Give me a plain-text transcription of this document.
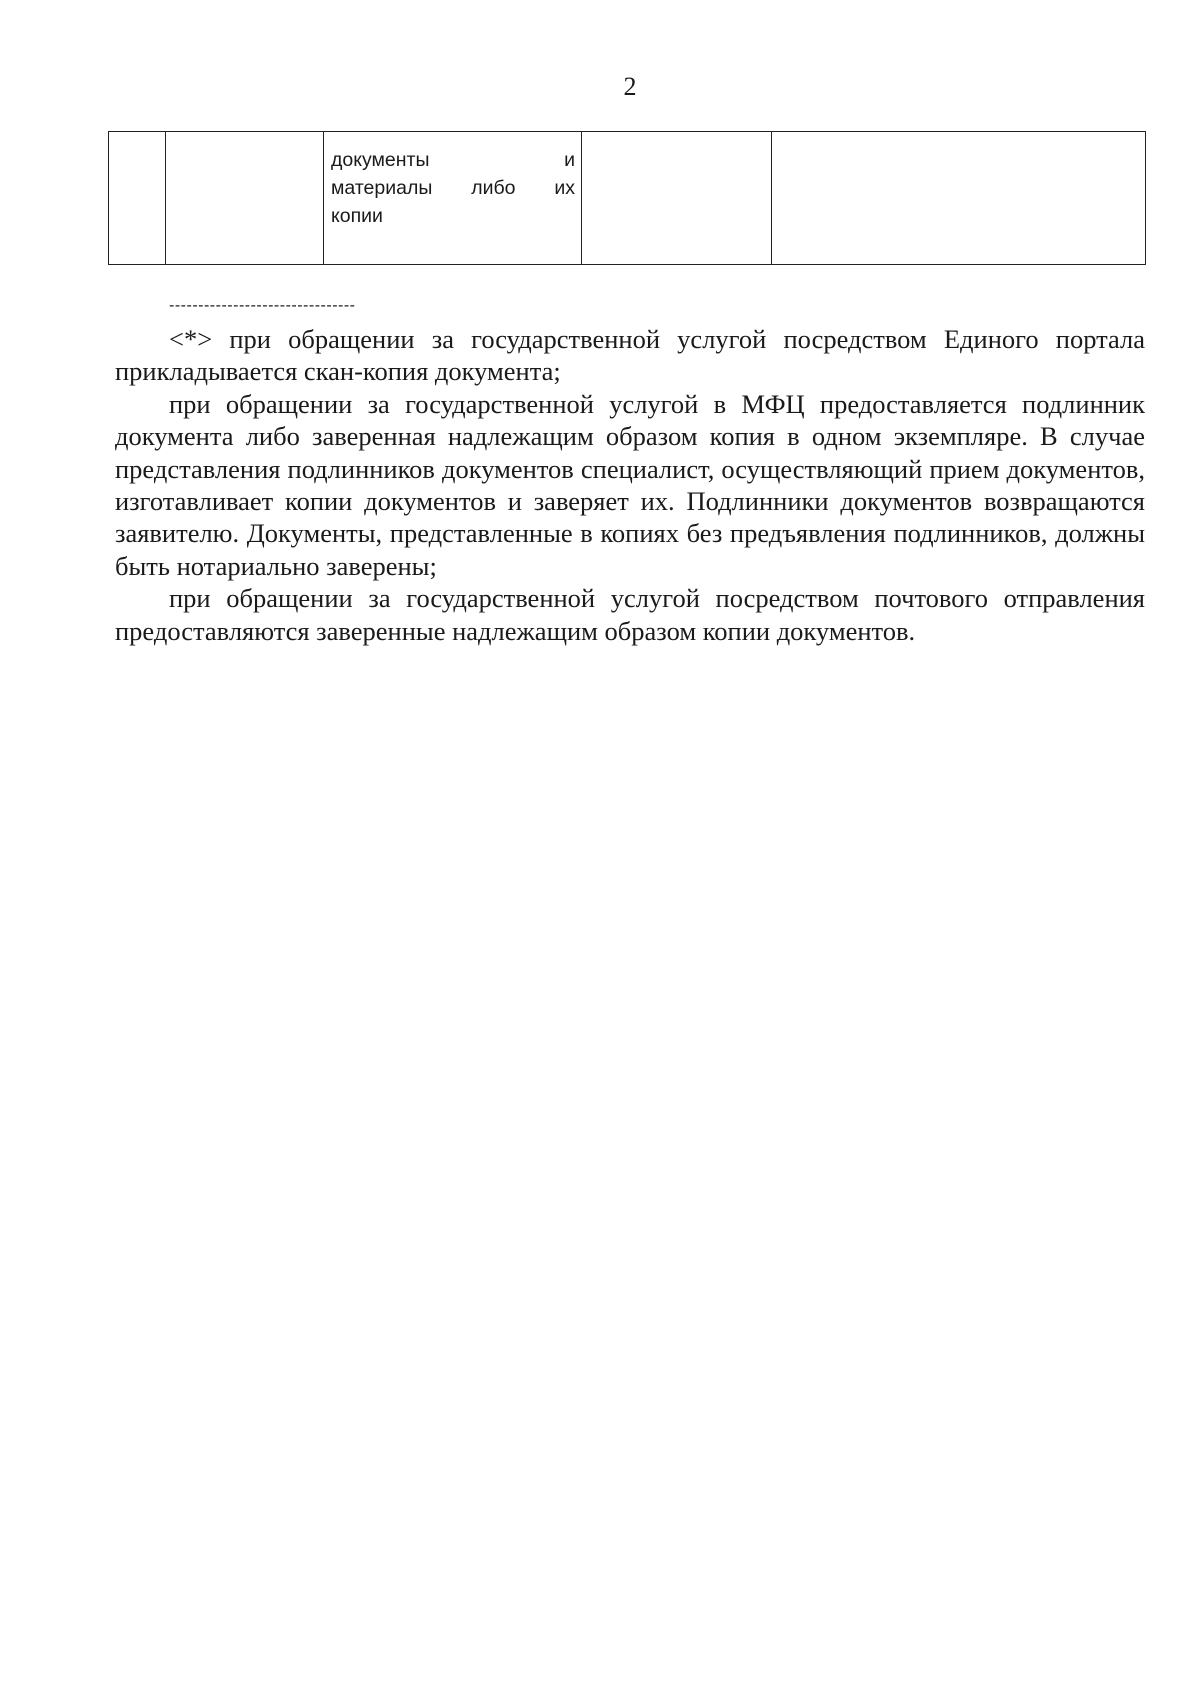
2

документы и
материалы либо их
копии

--------------------------------

<*> при обращении за государственной услугой посредством Единого портала прикладывается скан-копия документа;

при обращении за государственной услугой в МФЦ предоставляется подлинник документа либо заверенная надлежащим образом копия в одном экземпляре. В случае представления подлинников документов специалист, осуществляющий прием документов, изготавливает копии документов и заверяет их. Подлинники документов возвращаются заявителю. Документы, представленные в копиях без предъявления подлинников, должны быть нотариально заверены;

при обращении за государственной услугой посредством почтового отправления предоставляются заверенные надлежащим образом копии документов.
